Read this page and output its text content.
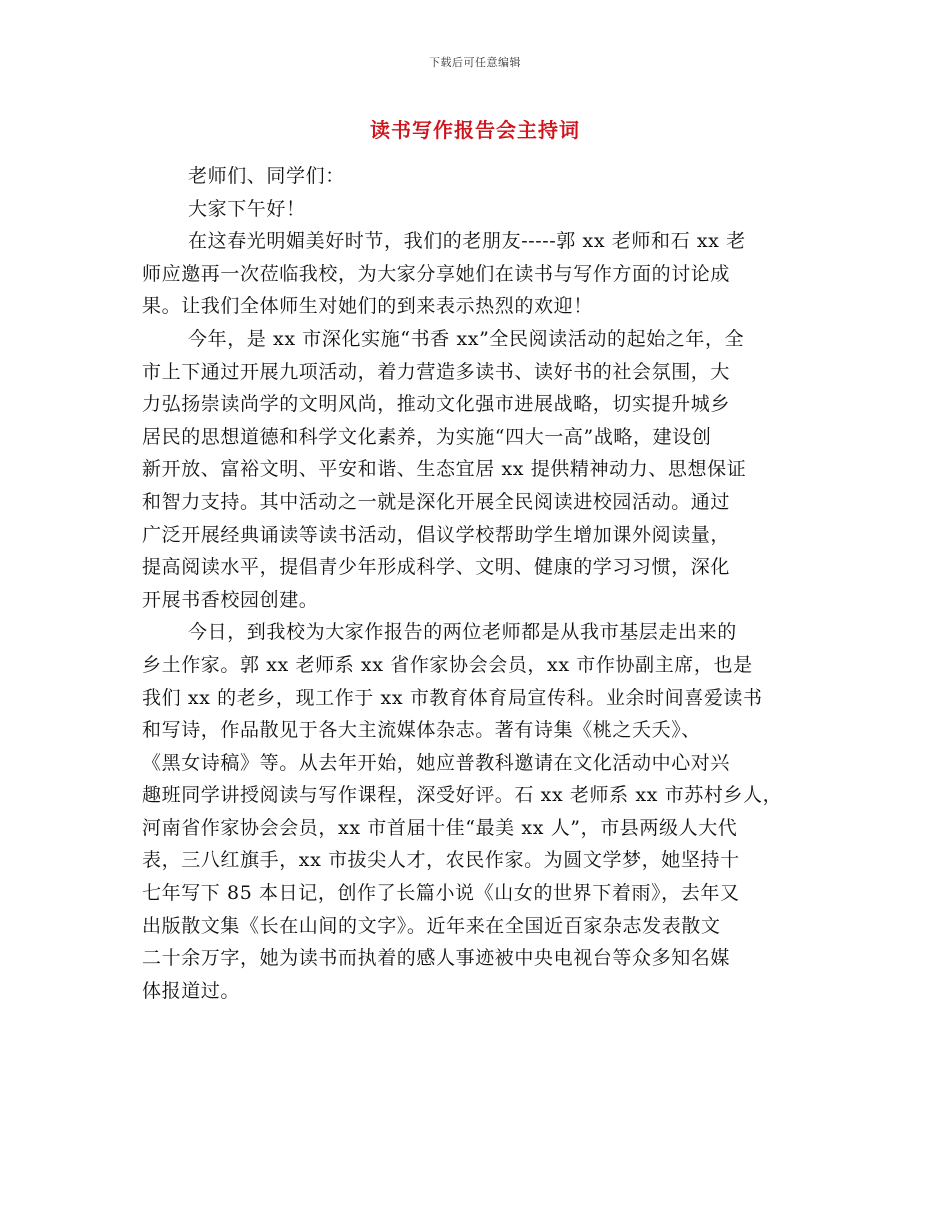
下载后可任意编辑
读书写作报告会主持词
老师们、同学们：
大家下午好！
在这春光明媚美好时节，我们的老朋友-----郭 xx 老师和石 xx 老
师应邀再一次莅临我校，为大家分享她们在读书与写作方面的讨论成
果。让我们全体师生对她们的到来表示热烈的欢迎！
今年，是 xx 市深化实施“书香 xx”全民阅读活动的起始之年，全
市上下通过开展九项活动，着力营造多读书、读好书的社会氛围，大
力弘扬崇读尚学的文明风尚，推动文化强市进展战略，切实提升城乡
居民的思想道德和科学文化素养，为实施“四大一高”战略，建设创
新开放、富裕文明、平安和谐、生态宜居 xx 提供精神动力、思想保证
和智力支持。其中活动之一就是深化开展全民阅读进校园活动。通过
广泛开展经典诵读等读书活动，倡议学校帮助学生增加课外阅读量，
提高阅读水平，提倡青少年形成科学、文明、健康的学习习惯，深化
开展书香校园创建。
今日，到我校为大家作报告的两位老师都是从我市基层走出来的
乡土作家。郭 xx 老师系 xx 省作家协会会员，xx 市作协副主席，也是
我们 xx 的老乡，现工作于 xx 市教育体育局宣传科。业余时间喜爱读书
和写诗，作品散见于各大主流媒体杂志。著有诗集《桃之夭夭》、
《黑女诗稿》等。从去年开始，她应普教科邀请在文化活动中心对兴
趣班同学讲授阅读与写作课程，深受好评。石 xx 老师系 xx 市苏村乡人，
河南省作家协会会员，xx 市首届十佳“最美 xx 人”，市县两级人大代
表，三八红旗手，xx 市拔尖人才，农民作家。为圆文学梦，她坚持十
七年写下 85 本日记，创作了长篇小说《山女的世界下着雨》，去年又
出版散文集《长在山间的文字》。近年来在全国近百家杂志发表散文
二十余万字，她为读书而执着的感人事迹被中央电视台等众多知名媒
体报道过。
